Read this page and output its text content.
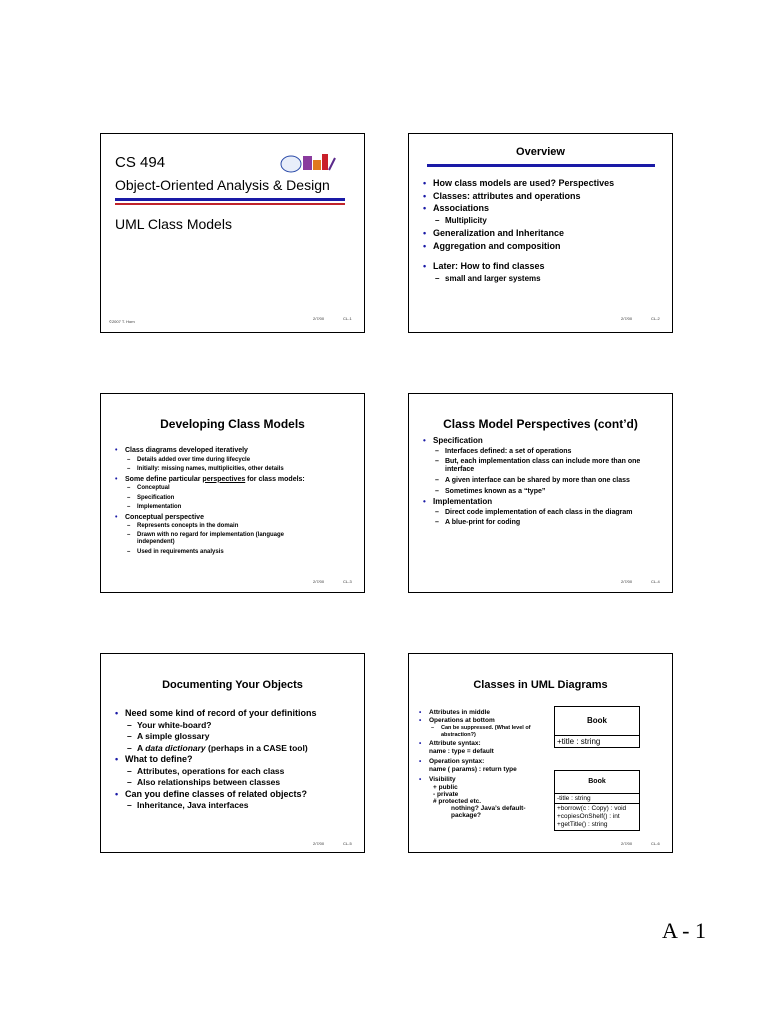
CS 494
Object-Oriented Analysis & Design
UML Class Models
©2007 T. Horn
2/7/00	CL-1
Overview
• How class models are used? Perspectives
• Classes: attributes and operations
• Associations
– Multiplicity
• Generalization and Inheritance
• Aggregation and composition
• Later: How to find classes
– small and larger systems
2/7/00	CL-2
Developing Class Models
• Class diagrams developed iteratively
– Details added over time during lifecycle
– Initially: missing names, multiplicities, other details
• Some define particular perspectives for class models:
– Conceptual
– Specification
– Implementation
• Conceptual perspective
– Represents concepts in the domain
– Drawn with no regard for implementation (language independent)
– Used in requirements analysis
2/7/00	CL-3
Class Model Perspectives (cont’d)
• Specification
– Interfaces defined: a set of operations
– But, each implementation class can include more than one interface
– A given interface can be shared by more than one class
– Sometimes known as a “type”
• Implementation
– Direct code implementation of each class in the diagram
– A blue-print for coding
2/7/00	CL-4
Documenting Your Objects
• Need some kind of record of your definitions
– Your white-board?
– A simple glossary
– A data dictionary (perhaps in a CASE tool)
• What to define?
– Attributes, operations for each class
– Also relationships between classes
• Can you define classes of related objects?
– Inheritance, Java interfaces
2/7/00	CL-5
Classes in UML Diagrams
• Attributes in middle
• Operations at bottom
– Can be suppressed. (What level of abstraction?)
• Attribute syntax:
name : type = default
• Operation syntax:
name ( params) : return type
• Visibility
+ public
- private
# protected etc.
nothing? Java’s default-package?
Book
+title : string
Book
-title : string
+borrow(c : Copy) : void
+copiesOnShelf() : int
+getTitle() : string
2/7/00	CL-6
A - 1
